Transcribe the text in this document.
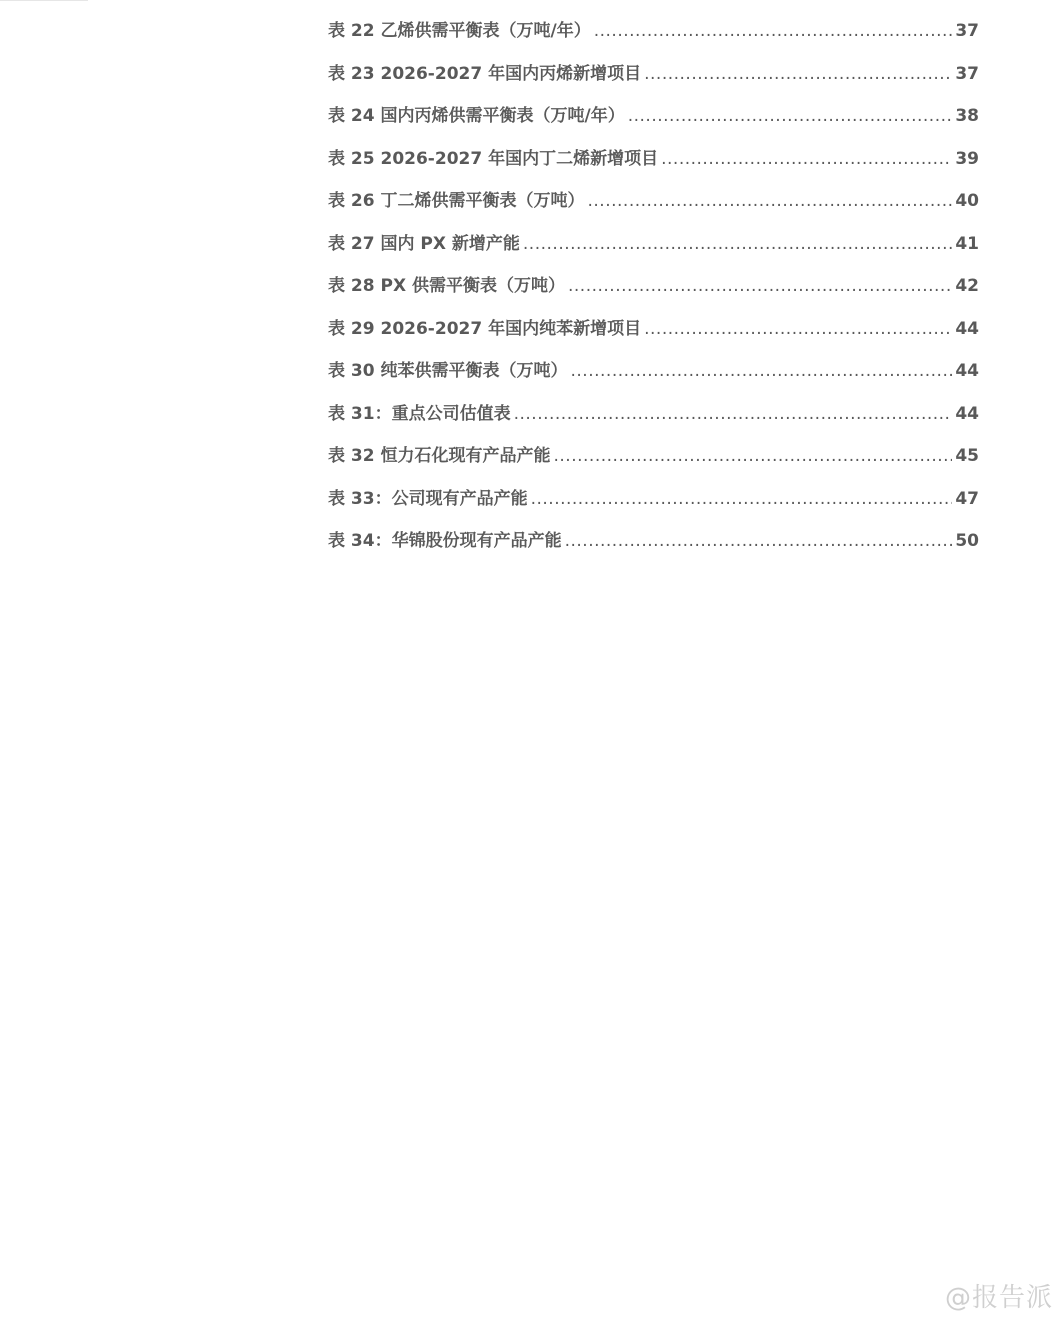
表 22 乙烯供需平衡表（万吨/年） .....	37
表 23 2026-2027 年国内丙烯新增项目 .....	37
表 24 国内丙烯供需平衡表（万吨/年） .....	38
表 25 2026-2027 年国内丁二烯新增项目 .....	39
表 26 丁二烯供需平衡表（万吨） .....	40
表 27 国内 PX 新增产能 .....	41
表 28 PX 供需平衡表（万吨） .....	42
表 29 2026-2027 年国内纯苯新增项目 .....	44
表 30 纯苯供需平衡表（万吨） .....	44
表 31：重点公司估值表 .....	44
表 32 恒力石化现有产品产能 .....	45
表 33：公司现有产品产能 .....	47
表 34：华锦股份现有产品产能 .....	50
@报告派
